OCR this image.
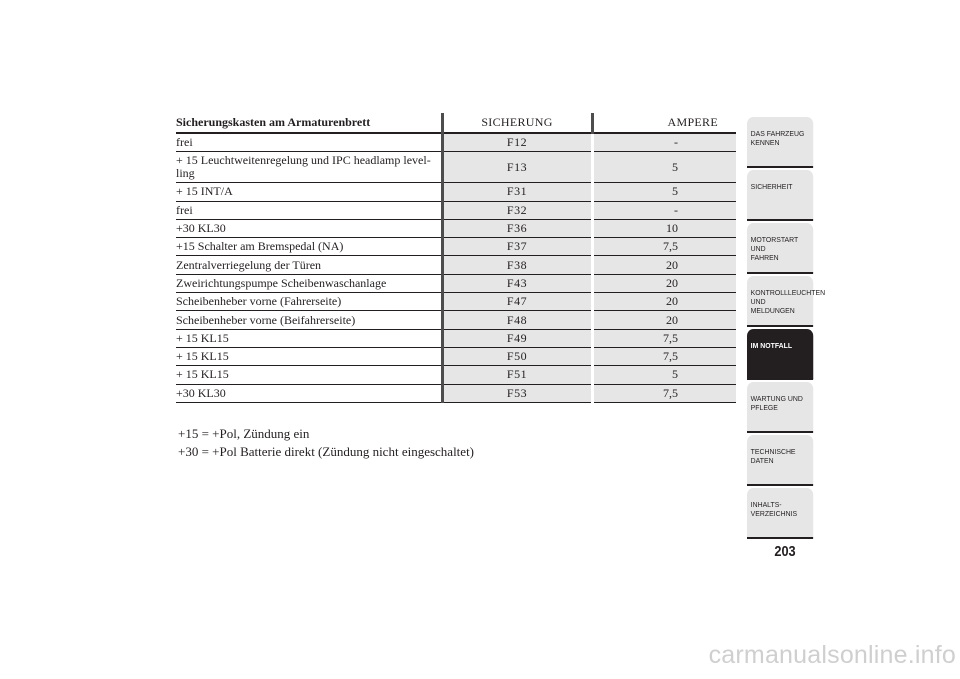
Sicherungskasten am Armaturenbrett	SICHERUNG	AMPERE
frei	F12	-
+ 15 Leuchtweitenregelung und IPC headlamp level-ling	F13	5
+ 15 INT/A	F31	5
frei	F32	-
+30 KL30	F36	10
+15 Schalter am Bremspedal (NA)	F37	7,5
Zentralverriegelung der Türen	F38	20
Zweirichtungspumpe Scheibenwaschanlage	F43	20
Scheibenheber vorne (Fahrerseite)	F47	20
Scheibenheber vorne (Beifahrerseite)	F48	20
+ 15 KL15	F49	7,5
+ 15 KL15	F50	7,5
+ 15 KL15	F51	5
+30 KL30	F53	7,5
+15 = +Pol, Zündung ein
+30 = +Pol Batterie direkt (Zündung nicht eingeschaltet)
DAS FAHRZEUG
KENNEN
SICHERHEIT
MOTORSTART UND
FAHREN
KONTROLLLEUCHTEN
UND MELDUNGEN
IM NOTFALL
WARTUNG UND
PFLEGE
TECHNISCHE
DATEN
INHALTS-
VERZEICHNIS
203
carmanualsonline.info
